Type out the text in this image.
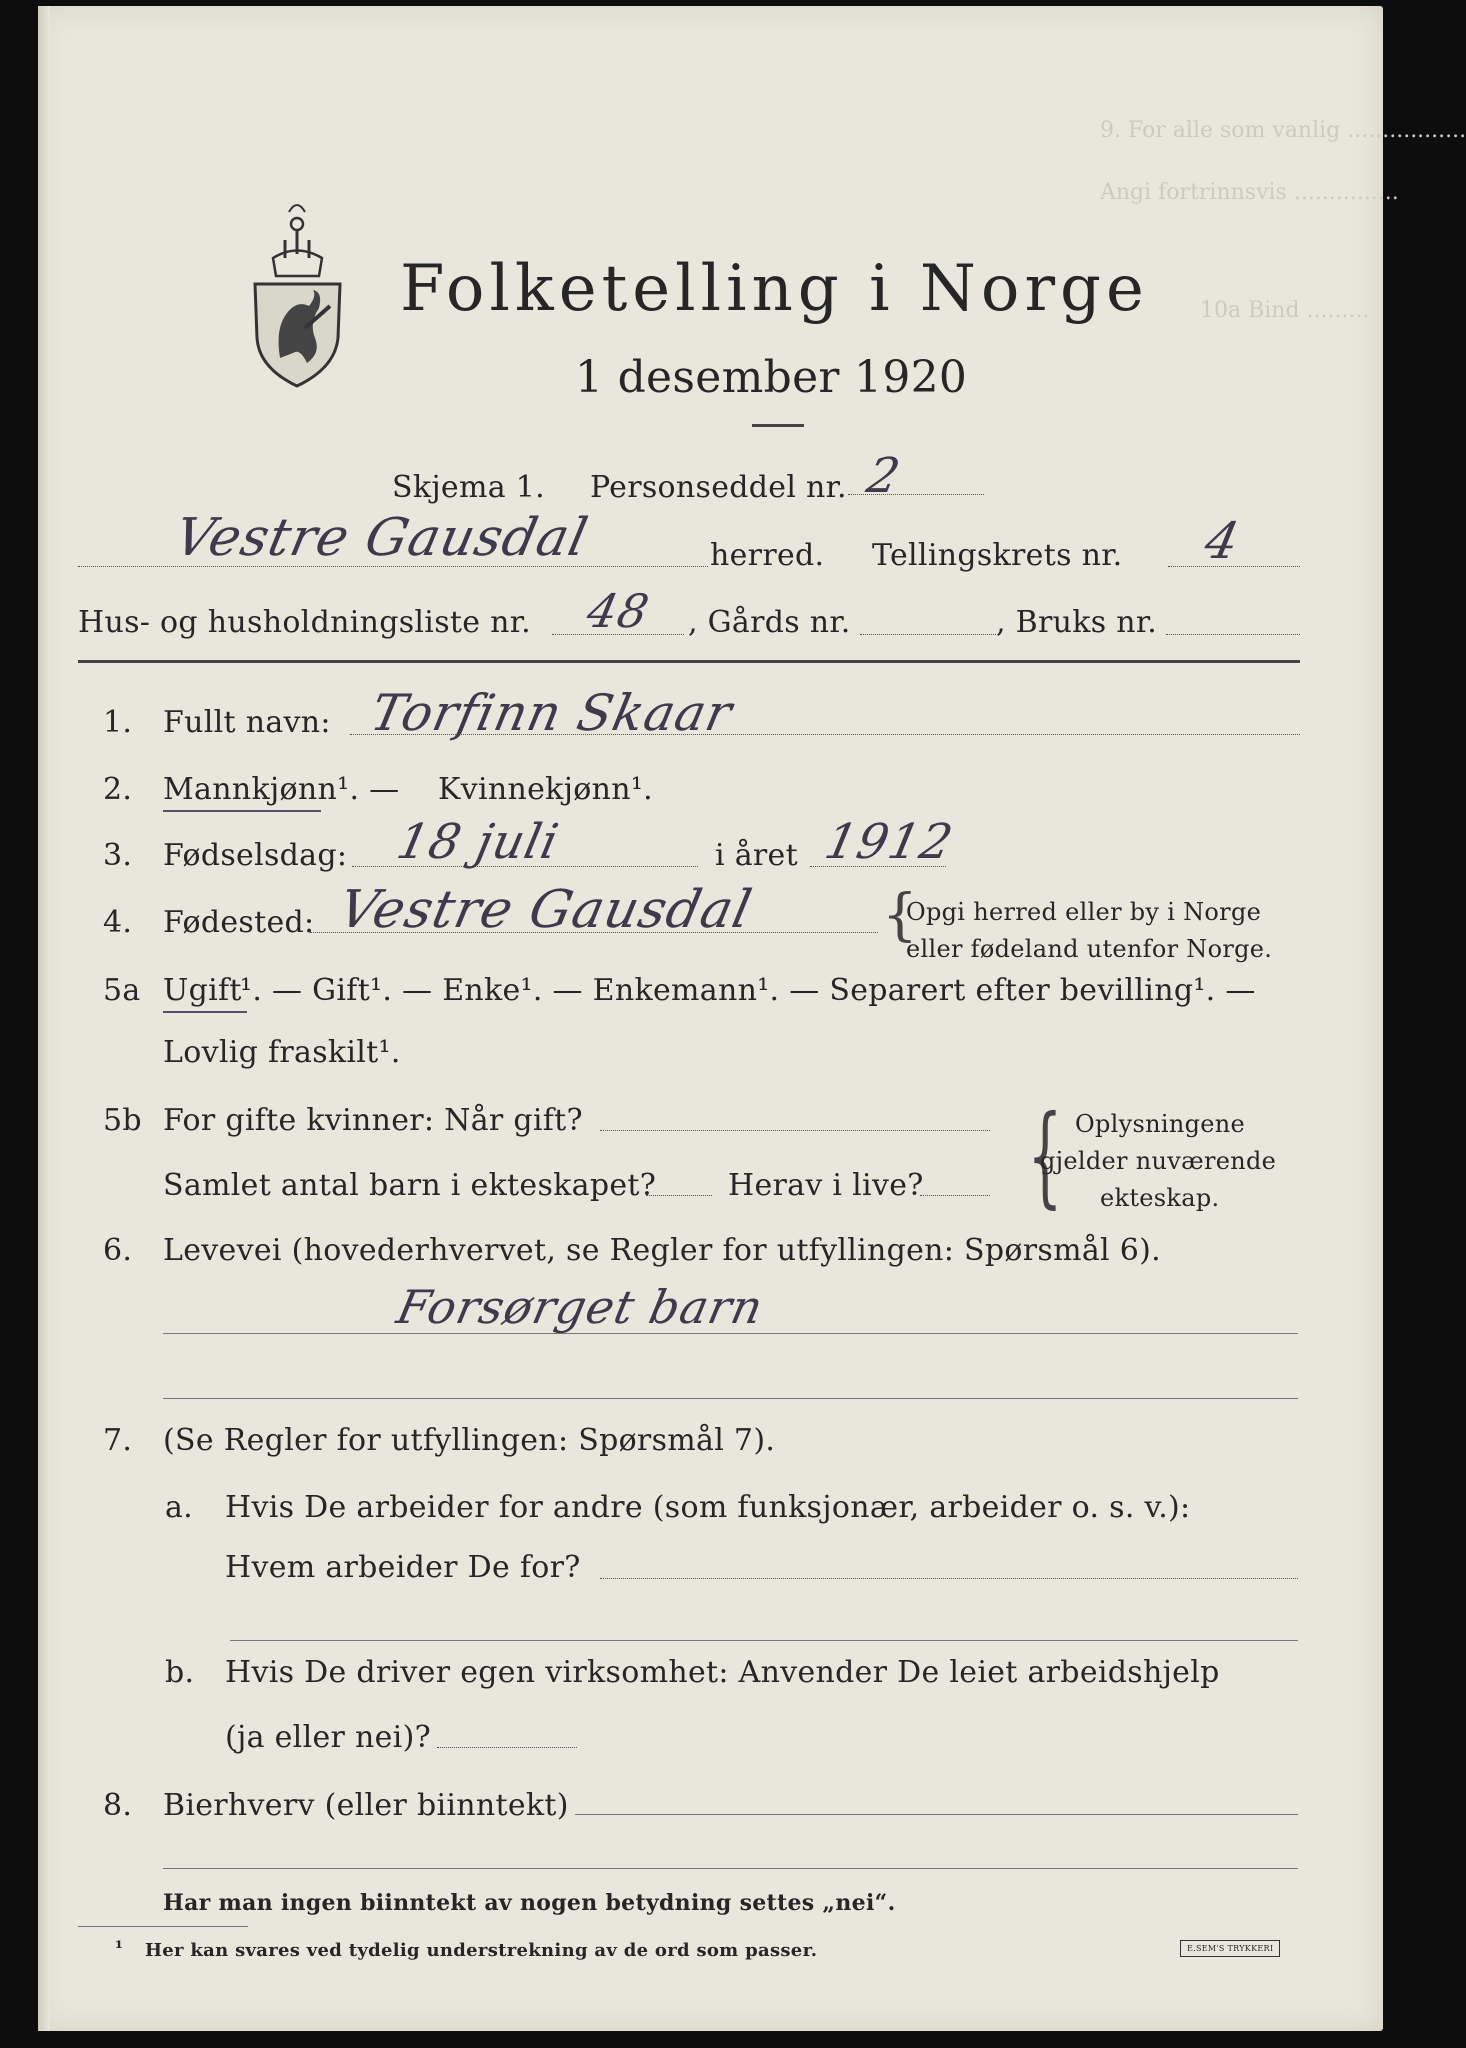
9. For alle som vanlig .................
Angi fortrinnsvis ...............
10a Bind .........
Folketelling i Norge
1 desember 1920
Skjema 1. Personseddel nr. 2
Vestre Gausdal	herred. Tellingskrets nr. 4
Hus- og husholdningsliste nr. 48 , Gårds nr.	, Bruks nr.
1. Fullt navn: Torfinn Skaar
2. Mannkjønn¹. — Kvinnekjønn¹.
3. Fødselsdag: 18 juli	i året 1912
4. Fødested: Vestre Gausdal {
Opgi herred eller by i Norge
eller fødeland utenfor Norge.
5a Ugift
¹. — Gift¹. — Enke¹. — Enkemann¹. — Separert efter bevilling¹. —
Lovlig fraskilt¹.
5b For gifte kvinner: Når gift?
Samlet antal barn i ekteskapet? Herav i live? { Oplysningene
gjelder nuværende
ekteskap.
6. Levevei (hovederhvervet, se Regler for utfyllingen: Spørsmål 6).
Forsørget barn
7. (Se Regler for utfyllingen: Spørsmål 7).
a. Hvis De arbeider for andre (som funksjonær, arbeider o. s. v.):
Hvem arbeider De for?
b. Hvis De driver egen virksomhet: Anvender De leiet arbeidshjelp
(ja eller nei)?
8. Bierhverv (eller biinntekt)
Har man ingen biinntekt av nogen betydning settes „nei“.
¹ Her kan svares ved tydelig understrekning av de ord som passer.	E.SEM'S TRYKKERI
